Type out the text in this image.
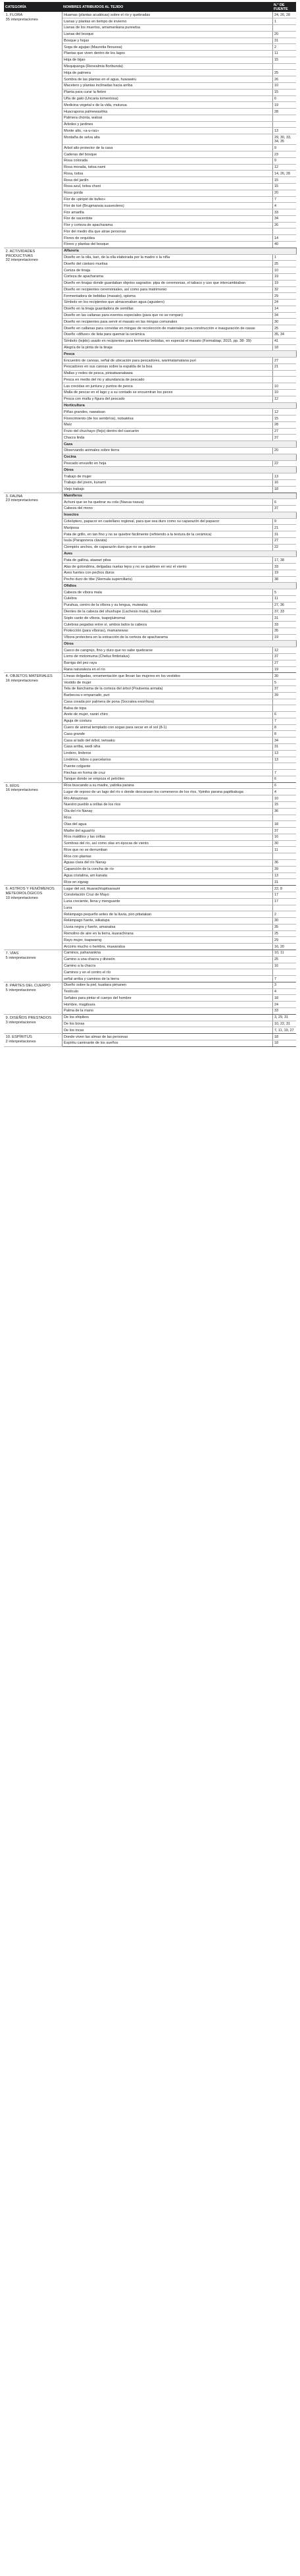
CATEGORÍA	NOMBRES ATRIBUIDOS AL TEJIDO	N.° DE FUENTE

1. FLORA
35 interpretaciones	Huamas (plantas acuáticas) sobre el río y quebradas	24, 26, 28
	Lianas y plantas en tiempo de invierno	1
	Lianas de los muertos, amamankana purewtsa	
	Lianas del bosque	20
	Bosque y hojas	31
	Soga de agujao (Mauretia flexuosa)	2
	Plantas que viven dentro de los lagos	11
	Hoja de bijao	15
	Misquipanga (Renealmia floribunda)	
	Hoja de palmera	25
	Sombra de las plantas en el agua, huwawiru	26
	Macetero y plantas inclinadas hacia arriba	10
	Planta para curar la fiebre	15
	Uña de gato (Uncaria tomentosa)	6
	Medicina vegetal e de la vida, muturua	19
	Huacrapona palmewashka	28
	Palmera chonta, watsai	
	Árboles y jardines	
	Monte alto, «a-u-raú»	13
	Montaña de selva alta	29, 30, 33, 34, 35
	Árbol alto protector de la casa	9
	Caderas del bosque	23
	Rosa colorada	9
	Rosa morada, tsitsa nami	12
	Rosa, tsitsa	14, 26, 28
	Rosa del jardín	15
	Rosa azul, tsitsa chani	15
	Rosa gorda	20
	Flor de «piripiri de bufeo»	7
	Flor de toé (Brugmansia suaveolens)	4
	Flor amarilla	33
	Flor de sacerdote	34
	Flor y corteza de apacharama	26
	Flor del medio día que atrae personas	
	Flores de orquídea	14
	Flores y plantas del bosque	40

2. ACTIVIDADES PRODUCTIVAS
32 interpretaciones	Alfarería	
	Diseño en la olla, kari, de la olla elaborada por la madre o la niña	1
	Diseño del cántaro muritsa	25
	Ceniza de tinaja	10
	Corteza de apacharama	19
	Diseño en tinajas donde guardaban objetos sagrados: pipa de ceremonias, el tabaco y uso que intercambiaban	19
	Diseño en recipientes ceremoniales, así como para matrimonio	32
	Fermentadora de bebidas (masato), opisma	29
	Símbolo en los recipientes que almacenaban agua (aguatero)	24
	Diseño en la tinaja guardadora de semillas	14
	Diseño en las callanas para eventos especiales (para que no se rompan)	34
	Diseño en recipientes para servir el masato en las mingas comunales	30
	Diseño en callanas para convidar en mingas de recolección de materiales para construcción e inauguración de casas	25
	Diseño «difuso» de lista para quemar la cerámica	35, 34
	Símbolo (tejido) usado en recipientes para fermentar bebidas, en especial el masato (Formabiap, 2015, pp. 38- 39)	41
	Alegría de la pinta de la tinaja	18
	Pesca	
	Encuentro de canoas, señal de ubicación para pescadores, warimatamatana puri	27
	Pescadores en sus canoas sobre la espalda de la boa	21
	Mallas y redes de pesca, pirisatwanakawa	
	Pesca en medio del río y abundancia de pescado	
	Las crecidas en juntura y puntos de pesca	10
	Malla de pescar en el lago y a su contado se encuentran los peces	10
	Pesca con malla y figura del pescado	12
	Horticultura	
	Piñas grandes, nawatsan	12
	Florecimiento (de los sembríos), notsatésa	15
	Maíz	28
	Fruto del chuchayo (ñejo) dentro del cascarón	27
	Chacra linda	37
	Caza	
	Observando animales sobre tierra	20
	Cocina	
	Pescado envuelto en hoja	22
	Otros	
	Trabajo de mujer	13
	Trabajo del joven, kunami	16
	Viejo trabajo	18

3. FAUNA
23 interpretaciones	Mamíferos	
	Achuni que se ha quebrar su cola (Nasua nasua)	6
	Cabeza del mono	37
	Insectos	
	Coleóptero, papacor en castellano regional, para que sea duro como su caparazón del papacor	9
	Mariposa	21
	Pata de grillo, en tan fino y no se quiebre fácilmente (refiriendo a la textura de la cerámica)	31
	Isula (Paraponera clavata)	27
	Ciempiés anchos, de caparazón duro que no se quiebre	22
	Aves	
	Pata de gallina, atawari pitsa	17, 38
	Alas de golondrina, delgadas nuelas lejos y no se quiebren en vez el viento	33
	Aves fuertes con pechos duros	19
	Pecho duro de tibe (Sternula superciliaris)	38
	Ofidios	
	Cabeza de víbora mala	5
	Culebra	11
	Purahua, centro de la víbora y su lengua, muiwatsu	27, 36
	Dientes de la cabeza del shushupe (Lachesis muta), tsukuri	37, 33
	Soplo canto de víbora, tsapojiuinsmai	31
	Culebras pegadas entre sí, ambos lados la cabeza	33
	Protección (para víboras), mamanewas	35
	Víbora protectora en la extracción de la corteza de apacharama	19
	Otros	
	Casco de cangrejo, fino y duro que no sabe quebrarse	12
	Lomo de motomuma (Chelus fimbriatus)	37
	Barriga del pez raya	27
	Rana naturaleza en el río	19

4. OBJETOS MATERIALES
16 interpretaciones	Líneas delgadas, ornamentación que llevan las mujeres en los vestidos	30
	Vestido de mujer	5
	Tela de llanchama de la corteza del árbol (Poulsenia armata)	37
	Barbecoa o emparrado, puri	39
	Casa creada por palmera de pona (Socratea exorrhiza)	
	Balsa de topa	
	Arete de mujer, naniri chiro	6
	Aguja de costura	7
	Cuero de animal templado con sogas para secar en el sol (8-1)	8
	Casa grande	8
	Casa al lado del árbol, iwiraaku	34
	Casa arriba, wedi siha	31
	Lindero, linderos	13
	Lindéros, lobos o parcelarios	13
	Puente colgante	
	Flechas en forma de cruz	7
	Tanque donde se empoza el petróleo	6

5. RÍOS
16 interpretaciones	Ríos buscando a su madre, yatirika parana	6
	Lugar de reposo de un lago del río o donde descansan los comeneros de los ríos, Ypiniko parana papitkakuga	4
	Río Amazonas	10
	Nuestro pueblo a orillas de los ríos	15
	Ola del río Nanay	36
	Ríos	
	Olas del agua	18
	Madre del agua/río	37
	Ríos malditos y las orillas	16
	Sombras del río, así como olas en épocas de viento	30
	Ríos que no se derrumban	11
	Ríos con plantas	
	Aguas clara del río Nanay	36
	Capanción de la concha de río	39
	Agua cristalina, am kanata	13
	Ríos en zigzag	31

6. ASTROS Y FENÓMENOS METEOROLÓGICOS
10 interpretaciones	Lugar del sol, ikuarachtupitsarauni	22, 8
	Constelación Cruz de Mayo	17
	Luna creciente, llena y menguante	17
	Luna	
	Relámpago pequeño antes de la lluvia, piro pitiatakan	2
	Relámpago fuerte, wikatupa	30
	Lluvia negra y fuerte, amanatsa	35
	Remolino de aire en la tierra, kuarachirana	25
	Rayo mujer, tsapwarng	29
	Arcoíris mucho o hembra, muwaratsa	16, 20

7. VÍAS
5 interpretaciones	Caminos, pahanankna	10, 11
	Camino a una chacra y división	25
	Camino a la chacra	16
	Caminos y en el centro el río	
	señal arriba y caminos de la tierra	7

8. PARTES DEL CUERPO
5 interpretaciones	Diseño sobre la piel, kuatiara pimanen	3
	Testículo	4
	Señales para pintar el cuerpo del hombre	18
	Hombre, magitsara	24
	Palma de la mano	33

9. DISEÑOS PRESTADOS
3 interpretaciones	De los shipibos	3, 29, 31
	De los boras	10, 22, 31
	De los incas	7, 11, 19, 27

10. ESPÍRITUS
2 interpretaciones	Donde viven las almas de las personas	18
	Espíritu caminante de los sueños	18
